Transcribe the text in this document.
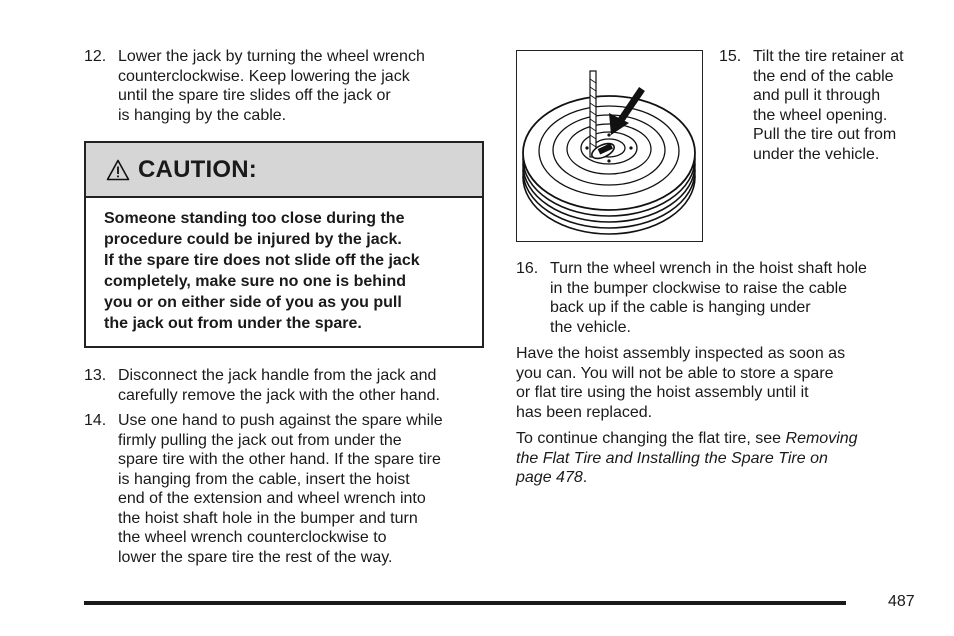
12. Lower the jack by turning the wheel wrench
counterclockwise. Keep lowering the jack
until the spare tire slides off the jack or
is hanging by the cable.
CAUTION:
Someone standing too close during the
procedure could be injured by the jack.
If the spare tire does not slide off the jack
completely, make sure no one is behind
you or on either side of you as you pull
the jack out from under the spare.
13. Disconnect the jack handle from the jack and
carefully remove the jack with the other hand.
14. Use one hand to push against the spare while
firmly pulling the jack out from under the
spare tire with the other hand. If the spare tire
is hanging from the cable, insert the hoist
end of the extension and wheel wrench into
the hoist shaft hole in the bumper and turn
the wheel wrench counterclockwise to
lower the spare tire the rest of the way.
15. Tilt the tire retainer at
the end of the cable
and pull it through
the wheel opening.
Pull the tire out from
under the vehicle.
16. Turn the wheel wrench in the hoist shaft hole
in the bumper clockwise to raise the cable
back up if the cable is hanging under
the vehicle.
Have the hoist assembly inspected as soon as
you can. You will not be able to store a spare
or flat tire using the hoist assembly until it
has been replaced.
To continue changing the flat tire, see Removing
the Flat Tire and Installing the Spare Tire on
page 478.
487
